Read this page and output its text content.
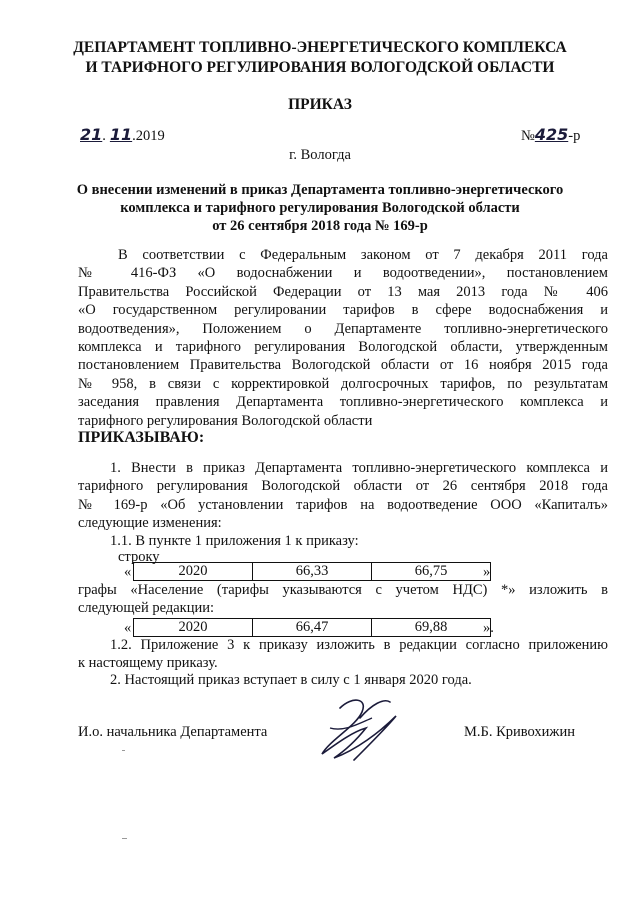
ДЕПАРТАМЕНТ ТОПЛИВНО-ЭНЕРГЕТИЧЕСКОГО КОМПЛЕКСА
И ТАРИФНОГО РЕГУЛИРОВАНИЯ ВОЛОГОДСКОЙ ОБЛАСТИ
ПРИКАЗ
21. 11.2019	№425-р
г. Вологда
О внесении изменений в приказ Департамента топливно-энергетического
комплекса и тарифного регулирования Вологодской области
от 26 сентября 2018 года № 169-р
В соответствии с Федеральным законом от 7 декабря 2011 года
№ 416-ФЗ «О водоснабжении и водоотведении», постановлением
Правительства Российской Федерации от 13 мая 2013 года № 406
«О государственном регулировании тарифов в сфере водоснабжения и
водоотведения», Положением о Департаменте топливно-энергетического
комплекса и тарифного регулирования Вологодской области, утвержденным
постановлением Правительства Вологодской области от 16 ноября 2015 года
№ 958, в связи с корректировкой долгосрочных тарифов, по результатам
заседания правления Департамента топливно-энергетического комплекса и
тарифного регулирования Вологодской области
ПРИКАЗЫВАЮ:
1. Внести в приказ Департамента топливно-энергетического комплекса и
тарифного регулирования Вологодской области от 26 сентября 2018 года
№ 169-р «Об установлении тарифов на водоотведение ООО «Капиталъ»
следующие изменения:
1.1. В пункте 1 приложения 1 к приказу:
строку
«	2020	66,33	66,75 »
графы «Население (тарифы указываются с учетом НДС) *» изложить в
следующей редакции:
«	2020	66,47	69,88 ».
1.2. Приложение 3 к приказу изложить в редакции согласно приложению
к настоящему приказу.
2. Настоящий приказ вступает в силу с 1 января 2020 года.
И.о. начальника Департамента	М.Б. Кривохижин
